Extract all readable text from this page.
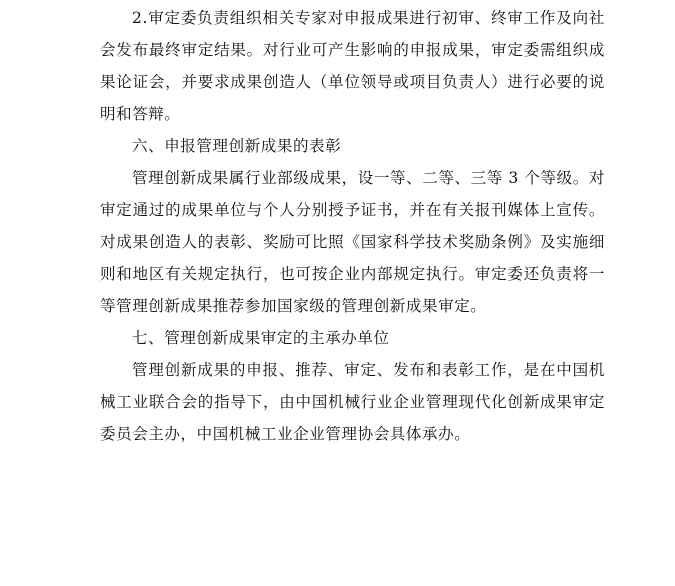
2.审定委负责组织相关专家对申报成果进行初审、终审工作及向社会发布最终审定结果。对行业可产生影响的申报成果，审定委需组织成果论证会，并要求成果创造人（单位领导或项目负责人）进行必要的说明和答辩。

六、申报管理创新成果的表彰

管理创新成果属行业部级成果，设一等、二等、三等 3 个等级。对审定通过的成果单位与个人分别授予证书，并在有关报刊媒体上宣传。对成果创造人的表彰、奖励可比照《国家科学技术奖励条例》及实施细则和地区有关规定执行，也可按企业内部规定执行。审定委还负责将一等管理创新成果推荐参加国家级的管理创新成果审定。

七、管理创新成果审定的主承办单位

管理创新成果的申报、推荐、审定、发布和表彰工作，是在中国机械工业联合会的指导下，由中国机械行业企业管理现代化创新成果审定委员会主办，中国机械工业企业管理协会具体承办。
